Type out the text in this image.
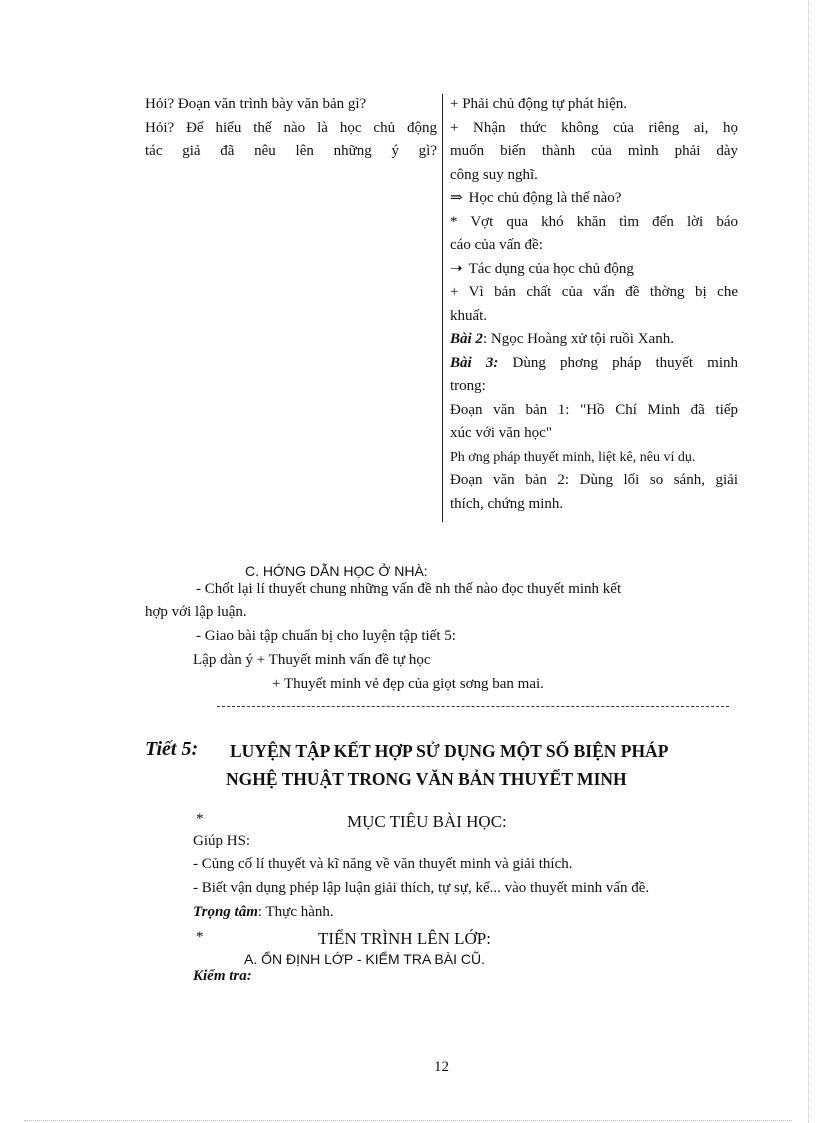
Hỏi? Đoạn văn trình bày văn bản gì?
Hỏi? Để hiểu thế nào là học chủ động
tác giả đã nêu lên những ý gì?
+ Phải chủ động tự phát hiện.
+ Nhận thức không của riêng ai, họ
muốn biến thành của mình phải dày
công suy nghĩ.
⇒ Học chủ động là thế nào?
* Vợt qua khó khăn tìm đến lời báo
cáo của vấn đề:
➝ Tác dụng của học chủ động
+ Vì bản chất của vấn đề thờng bị che
khuất.
Bài 2: Ngọc Hoàng xử tội ruồi Xanh.
Bài 3: Dùng phơng pháp thuyết minh
trong:
Đoạn văn bản 1: "Hồ Chí Minh đã tiếp
xúc với văn học"
Ph ơng pháp thuyết minh, liệt kê, nêu ví dụ.
Đoạn văn bản 2: Dùng lối so sánh, giải
thích, chứng minh.
C. HỚNG DẪN HỌC Ở NHÀ:
- Chốt lại lí thuyết chung những vấn đề nh thế nào đọc thuyết minh kết
hợp với lập luận.
- Giao bài tập chuẩn bị cho luyện tập tiết 5:
Lập dàn ý + Thuyết minh vấn đề tự học
+ Thuyết minh vẻ đẹp của giọt sơng ban mai.
Tiết 5: LUYỆN TẬP KẾT HỢP SỬ DỤNG MỘT SỐ BIỆN PHÁP
NGHỆ THUẬT TRONG VĂN BẢN THUYẾT MINH
*	MỤC TIÊU BÀI HỌC:
Giúp HS:
- Củng cố lí thuyết và kĩ năng về văn thuyết minh và giải thích.
- Biết vận dụng phép lập luận giải thích, tự sự, kể... vào thuyết minh vấn đề.
Trọng tâm: Thực hành.
*	TIẾN TRÌNH LÊN LỚP:
A. ỔN ĐỊNH LỚP - KIỂM TRA BÀI CŨ.
Kiểm tra:
12
